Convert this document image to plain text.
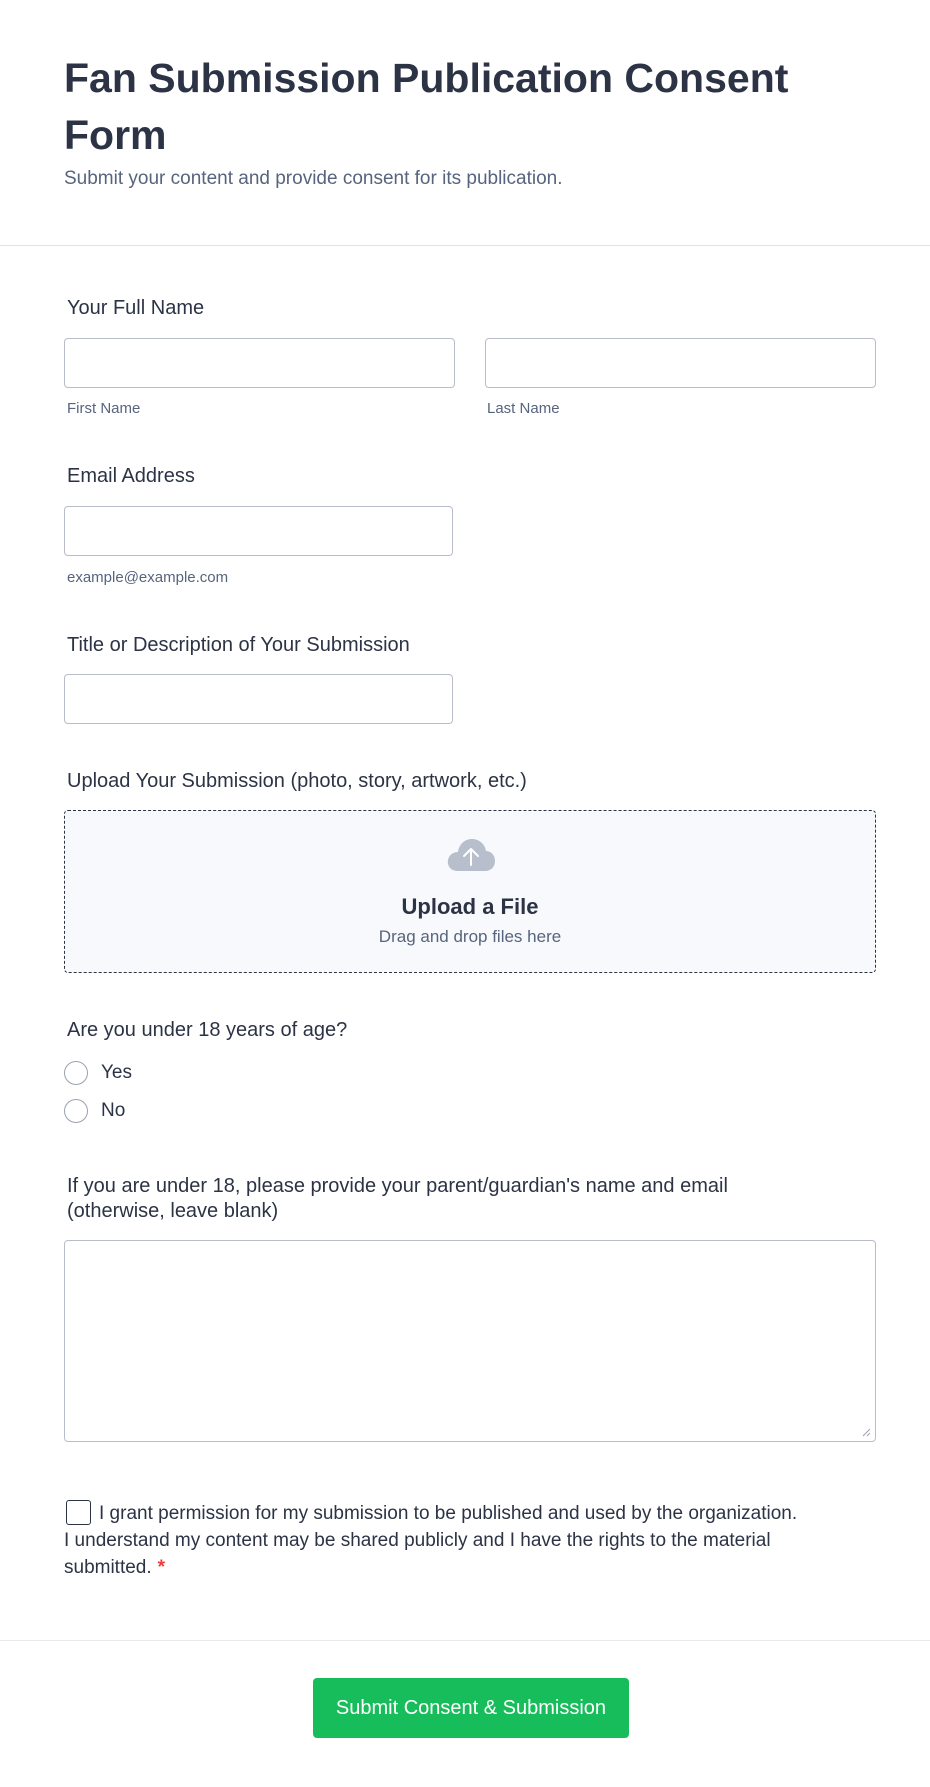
Fan Submission Publication Consent Form

Submit your content and provide consent for its publication.

Your Full Name
First Name	Last Name
Email Address
example@example.com
Title or Description of Your Submission
Upload Your Submission (photo, story, artwork, etc.)
Upload a File
Drag and drop files here
Are you under 18 years of age?
Yes
No
If you are under 18, please provide your parent/guardian's name and email (otherwise, leave blank)
I grant permission for my submission to be published and used by the organization. I understand my content may be shared publicly and I have the rights to the material submitted. *
Submit Consent & Submission
